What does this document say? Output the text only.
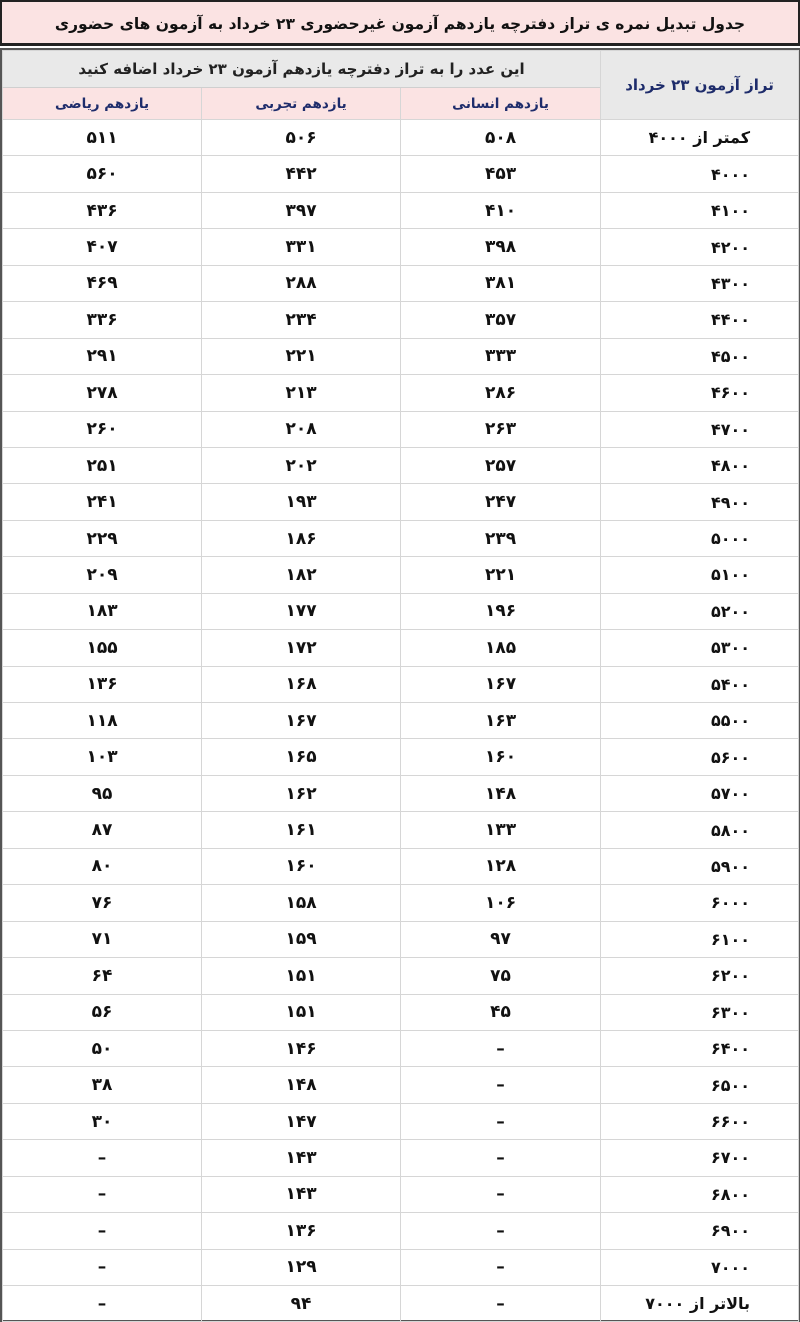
جدول تبدیل نمره ی تراز دفترچه یازدهم آزمون غیرحضوری ۲۳ خرداد به آزمون های حضوری
تراز آزمون ۲۳ خرداد	این عدد را به تراز دفترچه یازدهم آزمون ۲۳ خرداد اضافه کنید		
	یازدهم انسانی	یازدهم تجربی	یازدهم ریاضی
کمتر از ۴۰۰۰	۵۰۸	۵۰۶	۵۱۱
۴۰۰۰	۴۵۳	۴۴۲	۵۶۰
۴۱۰۰	۴۱۰	۳۹۷	۴۳۶
۴۲۰۰	۳۹۸	۳۳۱	۴۰۷
۴۳۰۰	۳۸۱	۲۸۸	۴۶۹
۴۴۰۰	۳۵۷	۲۳۴	۳۳۶
۴۵۰۰	۳۳۳	۲۲۱	۲۹۱
۴۶۰۰	۲۸۶	۲۱۳	۲۷۸
۴۷۰۰	۲۶۳	۲۰۸	۲۶۰
۴۸۰۰	۲۵۷	۲۰۲	۲۵۱
۴۹۰۰	۲۴۷	۱۹۳	۲۴۱
۵۰۰۰	۲۳۹	۱۸۶	۲۲۹
۵۱۰۰	۲۲۱	۱۸۲	۲۰۹
۵۲۰۰	۱۹۶	۱۷۷	۱۸۳
۵۳۰۰	۱۸۵	۱۷۲	۱۵۵
۵۴۰۰	۱۶۷	۱۶۸	۱۳۶
۵۵۰۰	۱۶۳	۱۶۷	۱۱۸
۵۶۰۰	۱۶۰	۱۶۵	۱۰۳
۵۷۰۰	۱۴۸	۱۶۲	۹۵
۵۸۰۰	۱۳۳	۱۶۱	۸۷
۵۹۰۰	۱۲۸	۱۶۰	۸۰
۶۰۰۰	۱۰۶	۱۵۸	۷۶
۶۱۰۰	۹۷	۱۵۹	۷۱
۶۲۰۰	۷۵	۱۵۱	۶۴
۶۳۰۰	۴۵	۱۵۱	۵۶
۶۴۰۰	–	۱۴۶	۵۰
۶۵۰۰	–	۱۴۸	۳۸
۶۶۰۰	–	۱۴۷	۳۰
۶۷۰۰	–	۱۴۳	–
۶۸۰۰	–	۱۴۳	–
۶۹۰۰	–	۱۳۶	–
۷۰۰۰	–	۱۲۹	–
بالاتر از ۷۰۰۰	–	۹۴	–
